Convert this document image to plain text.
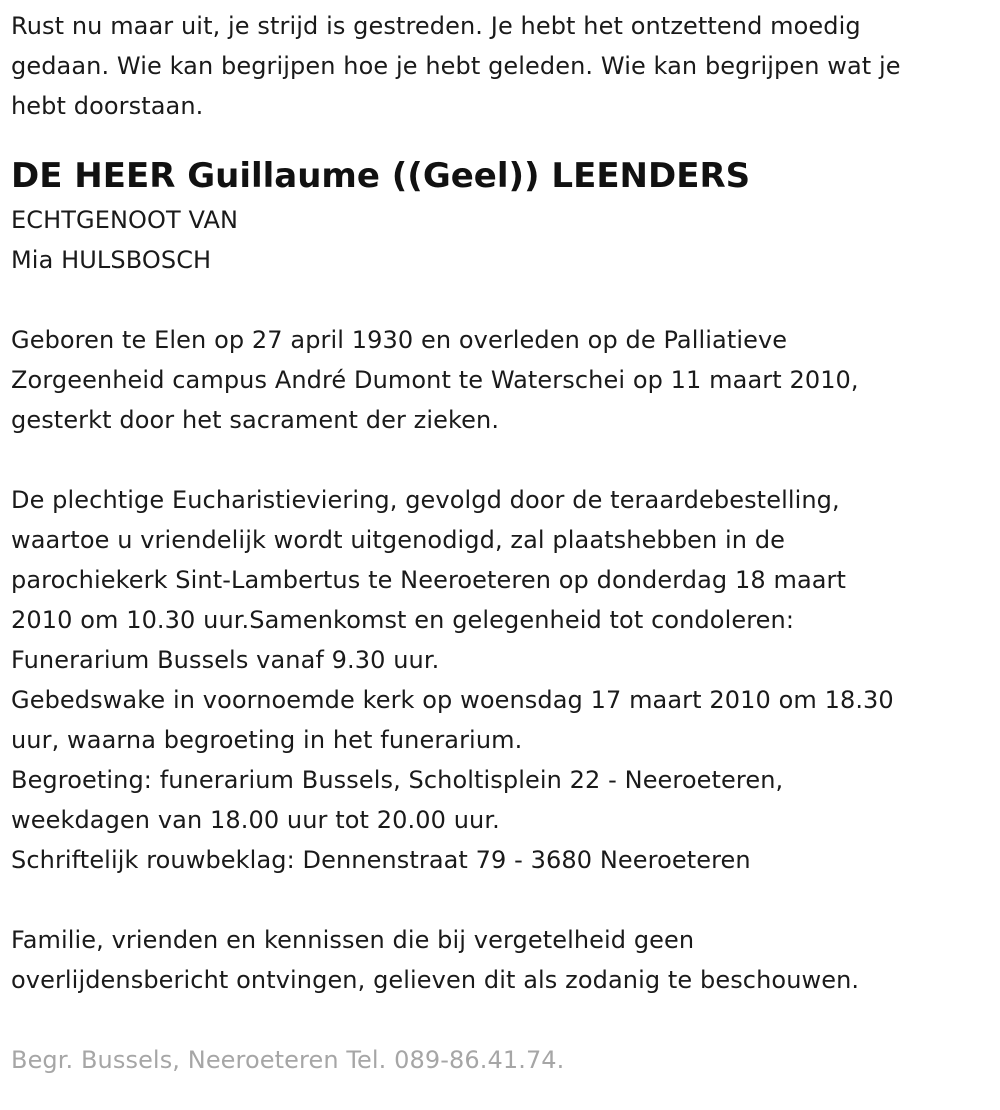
Rust nu maar uit, je strijd is gestreden. Je hebt het ontzettend moedig
gedaan. Wie kan begrijpen hoe je hebt geleden. Wie kan begrijpen wat je
hebt doorstaan.
DE HEER Guillaume ((Geel)) LEENDERS
ECHTGENOOT VAN
Mia HULSBOSCH
Geboren te Elen op 27 april 1930 en overleden op de Palliatieve
Zorgeenheid campus André Dumont te Waterschei op 11 maart 2010,
gesterkt door het sacrament der zieken.
De plechtige Eucharistieviering, gevolgd door de teraardebestelling,
waartoe u vriendelijk wordt uitgenodigd, zal plaatshebben in de
parochiekerk Sint-Lambertus te Neeroeteren op donderdag 18 maart
2010 om 10.30 uur.Samenkomst en gelegenheid tot condoleren:
Funerarium Bussels vanaf 9.30 uur.
Gebedswake in voornoemde kerk op woensdag 17 maart 2010 om 18.30
uur, waarna begroeting in het funerarium.
Begroeting: funerarium Bussels, Scholtisplein 22 - Neeroeteren,
weekdagen van 18.00 uur tot 20.00 uur.
Schriftelijk rouwbeklag: Dennenstraat 79 - 3680 Neeroeteren
Familie, vrienden en kennissen die bij vergetelheid geen
overlijdensbericht ontvingen, gelieven dit als zodanig te beschouwen.
Begr. Bussels, Neeroeteren Tel. 089-86.41.74.
